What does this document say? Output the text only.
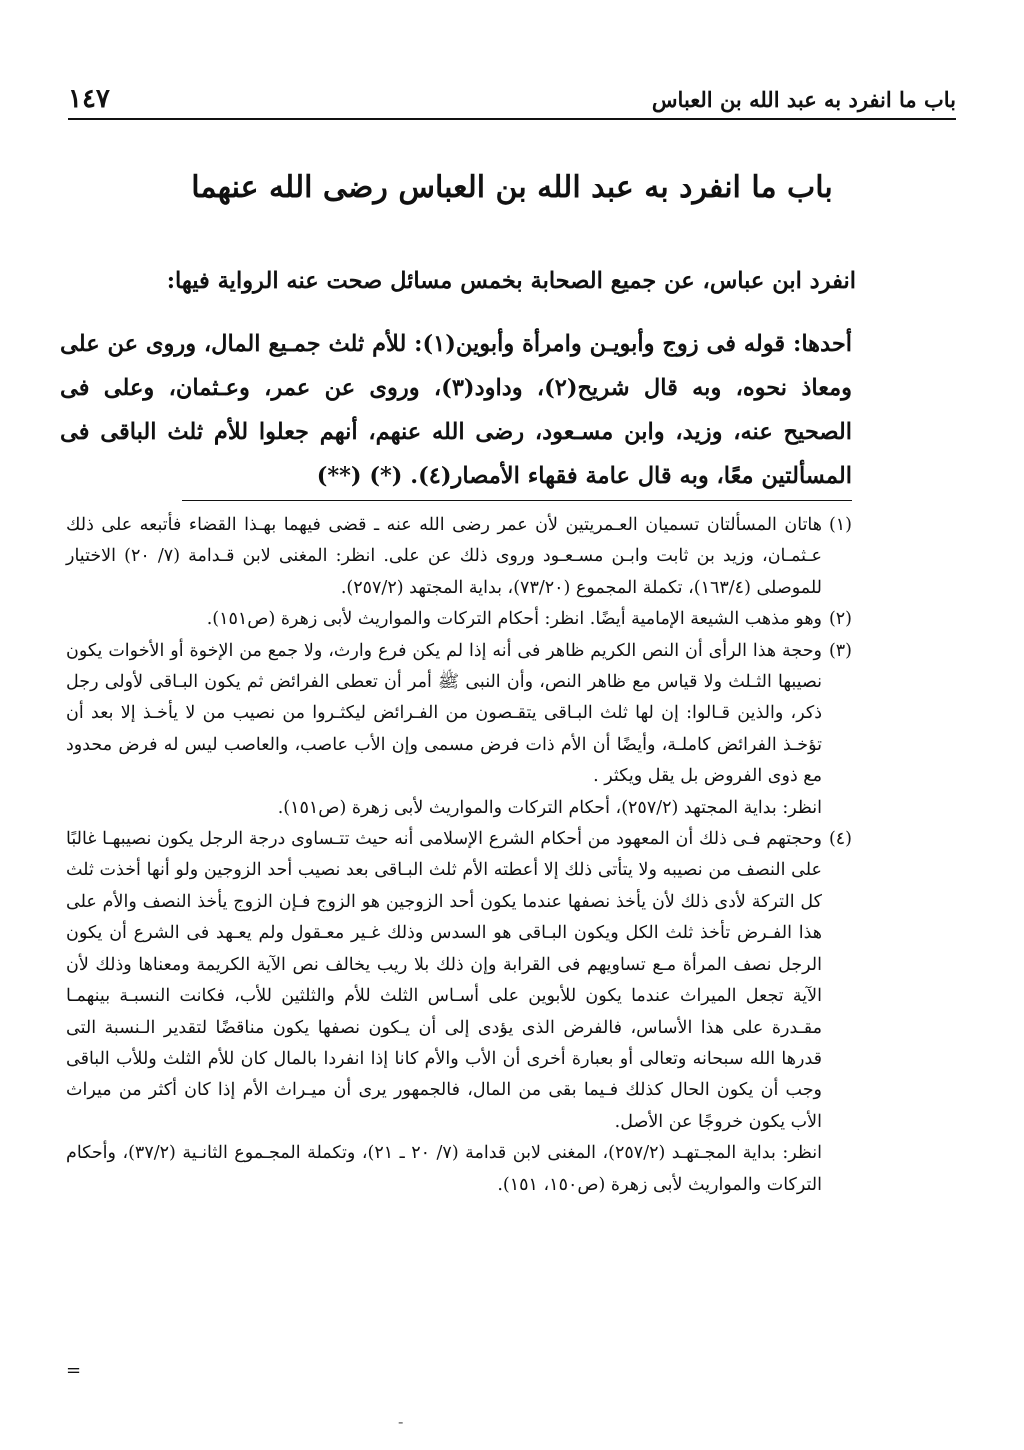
باب ما انفرد به عبد الله بن العباس
١٤٧
باب ما انفرد به عبد الله بن العباس رضى الله عنهما
انفرد ابن عباس، عن جميع الصحابة بخمس مسائل صحت عنه الرواية فيها:
أحدها: قوله فى زوج وأبويـن وامرأة وأبوين(١): للأم ثلث جمـيع المال، وروى عن على ومعاذ نحوه، وبه قال شريح(٢)، وداود(٣)، وروى عن عمر، وعـثمان، وعلى فى الصحيح عنه، وزيد، وابن مسـعود، رضى الله عنهم، أنهم جعلوا للأم ثلث الباقى فى المسألتين معًا، وبه قال عامة فقهاء الأمصار(٤). (*) (**)
(١)
هاتان المسألتان تسميان العـمريتين لأن عمر رضى الله عنه ـ قضى فيهما بهـذا القضاء فأتبعه على ذلك عـثمـان، وزيد بن ثابت وابـن مسـعـود وروى ذلك عن على. انظر: المغنى لابن قـدامة (٧/ ٢٠) الاختيار للموصلى (١٦٣/٤)، تكملة المجموع (٧٣/٢٠)، بداية المجتهد (٢٥٧/٢).
(٢)
وهو مذهب الشيعة الإمامية أيضًا. انظر: أحكام التركات والمواريث لأبى زهرة (ص١٥١).
(٣)
وحجة هذا الرأى أن النص الكريم ظاهر فى أنه إذا لم يكن فرع وارث، ولا جمع من الإخوة أو الأخوات يكون نصيبها الثـلث ولا قياس مع ظاهر النص، وأن النبى ﷺ أمر أن تعطى الفرائض ثم يكون البـاقى لأولى رجل ذكر، والذين قـالوا: إن لها ثلث البـاقى يتقـصون من الفـرائض ليكثـروا من نصيب من لا يأخـذ إلا بعد أن تؤخـذ الفرائض كاملـة، وأيضًا أن الأم ذات فرض مسمى وإن الأب عاصب، والعاصب ليس له فرض محدود مع ذوى الفروض بل يقل ويكثر .
انظر: بداية المجتهد (٢٥٧/٢)، أحكام التركات والمواريث لأبى زهرة (ص١٥١).
(٤)
وحجتهم فـى ذلك أن المعهود من أحكام الشرع الإسلامى أنه حيث تتـساوى درجة الرجل يكون نصيبهـا غالبًا على النصف من نصيبه ولا يتأتى ذلك إلا أعطته الأم ثلث البـاقى بعد نصيب أحد الزوجين ولو أنها أخذت ثلث كل التركة لأدى ذلك لأن يأخذ نصفها عندما يكون أحد الزوجين هو الزوج فـإن الزوج يأخذ النصف والأم على هذا الفـرض تأخذ ثلث الكل ويكون البـاقى هو السدس وذلك غـير معـقول ولم يعـهد فى الشرع أن يكون الرجل نصف المرأة مـع تساويهم فى القرابة وإن ذلك بلا ريب يخالف نص الآية الكريمة ومعناها وذلك لأن الآية تجعل الميراث عندما يكون للأبوين على أسـاس الثلث للأم والثلثين للأب، فكانت النسبـة بينهمـا مقـدرة على هذا الأساس، فالفرض الذى يؤدى إلى أن يـكون نصفها يكون مناقضًا لتقدير الـنسبة التى قدرها الله سبحانه وتعالى أو بعبارة أخرى أن الأب والأم كانا إذا انفردا بالمال كان للأم الثلث وللأب الباقى وجب أن يكون الحال كذلك فـيما بقى من المال، فالجمهور يرى أن ميـراث الأم إذا كان أكثر من ميراث الأب يكون خروجًا عن الأصل.

انظر: بداية المجـتهـد (٢٥٧/٢)، المغنى لابن قدامة (٧/ ٢٠ ـ ٢١)، وتكملة المجـموع الثانـية (٣٧/٢)، وأحكام التركات والمواريث لأبى زهرة (ص١٥٠، ١٥١).

=
-
